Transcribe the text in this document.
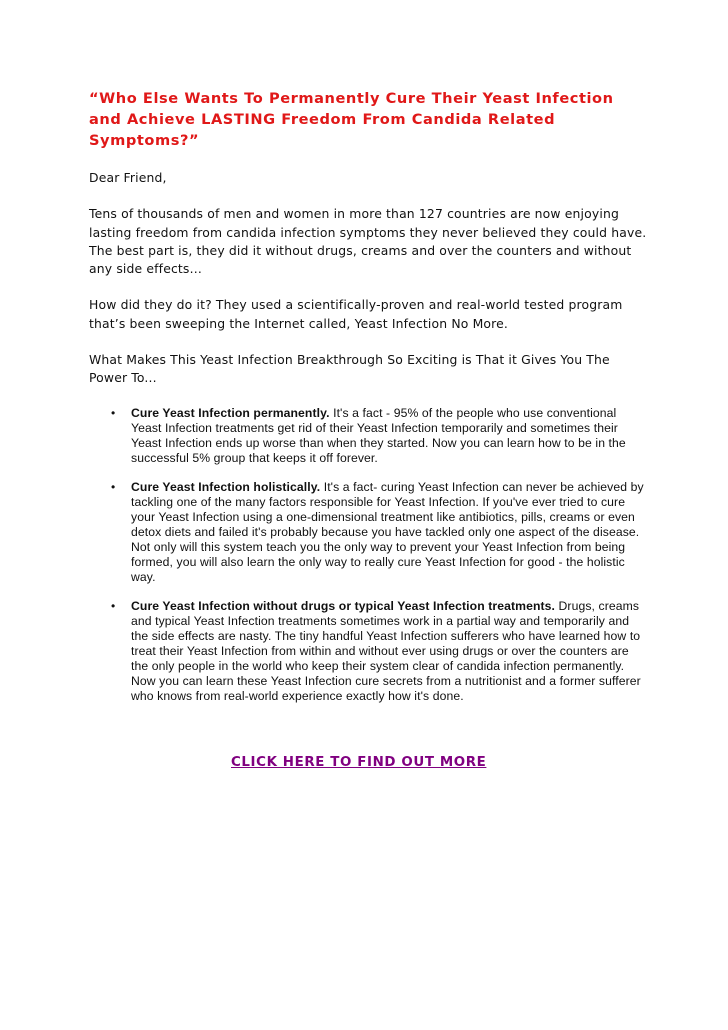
“Who Else Wants To Permanently Cure Their Yeast Infection and Achieve LASTING Freedom From Candida Related Symptoms?”

Dear Friend,

Tens of thousands of men and women in more than 127 countries are now enjoying lasting freedom from candida infection symptoms they never believed they could have. The best part is, they did it without drugs, creams and over the counters and without any side effects…

How did they do it? They used a scientifically-proven and real-world tested program that’s been sweeping the Internet called, Yeast Infection No More.

What Makes This Yeast Infection Breakthrough So Exciting is That it Gives You The Power To...

• Cure Yeast Infection permanently. It's a fact - 95% of the people who use conventional Yeast Infection treatments get rid of their Yeast Infection temporarily and sometimes their Yeast Infection ends up worse than when they started. Now you can learn how to be in the successful 5% group that keeps it off forever.
• Cure Yeast Infection holistically. It's a fact- curing Yeast Infection can never be achieved by tackling one of the many factors responsible for Yeast Infection. If you've ever tried to cure your Yeast Infection using a one-dimensional treatment like antibiotics, pills, creams or even detox diets and failed it's probably because you have tackled only one aspect of the disease. Not only will this system teach you the only way to prevent your Yeast Infection from being formed, you will also learn the only way to really cure Yeast Infection for good - the holistic way.
• Cure Yeast Infection without drugs or typical Yeast Infection treatments. Drugs, creams and typical Yeast Infection treatments sometimes work in a partial way and temporarily and the side effects are nasty. The tiny handful Yeast Infection sufferers who have learned how to treat their Yeast Infection from within and without ever using drugs or over the counters are the only people in the world who keep their system clear of candida infection permanently. Now you can learn these Yeast Infection cure secrets from a nutritionist and a former sufferer who knows from real-world experience exactly how it's done.
CLICK HERE TO FIND OUT MORE
